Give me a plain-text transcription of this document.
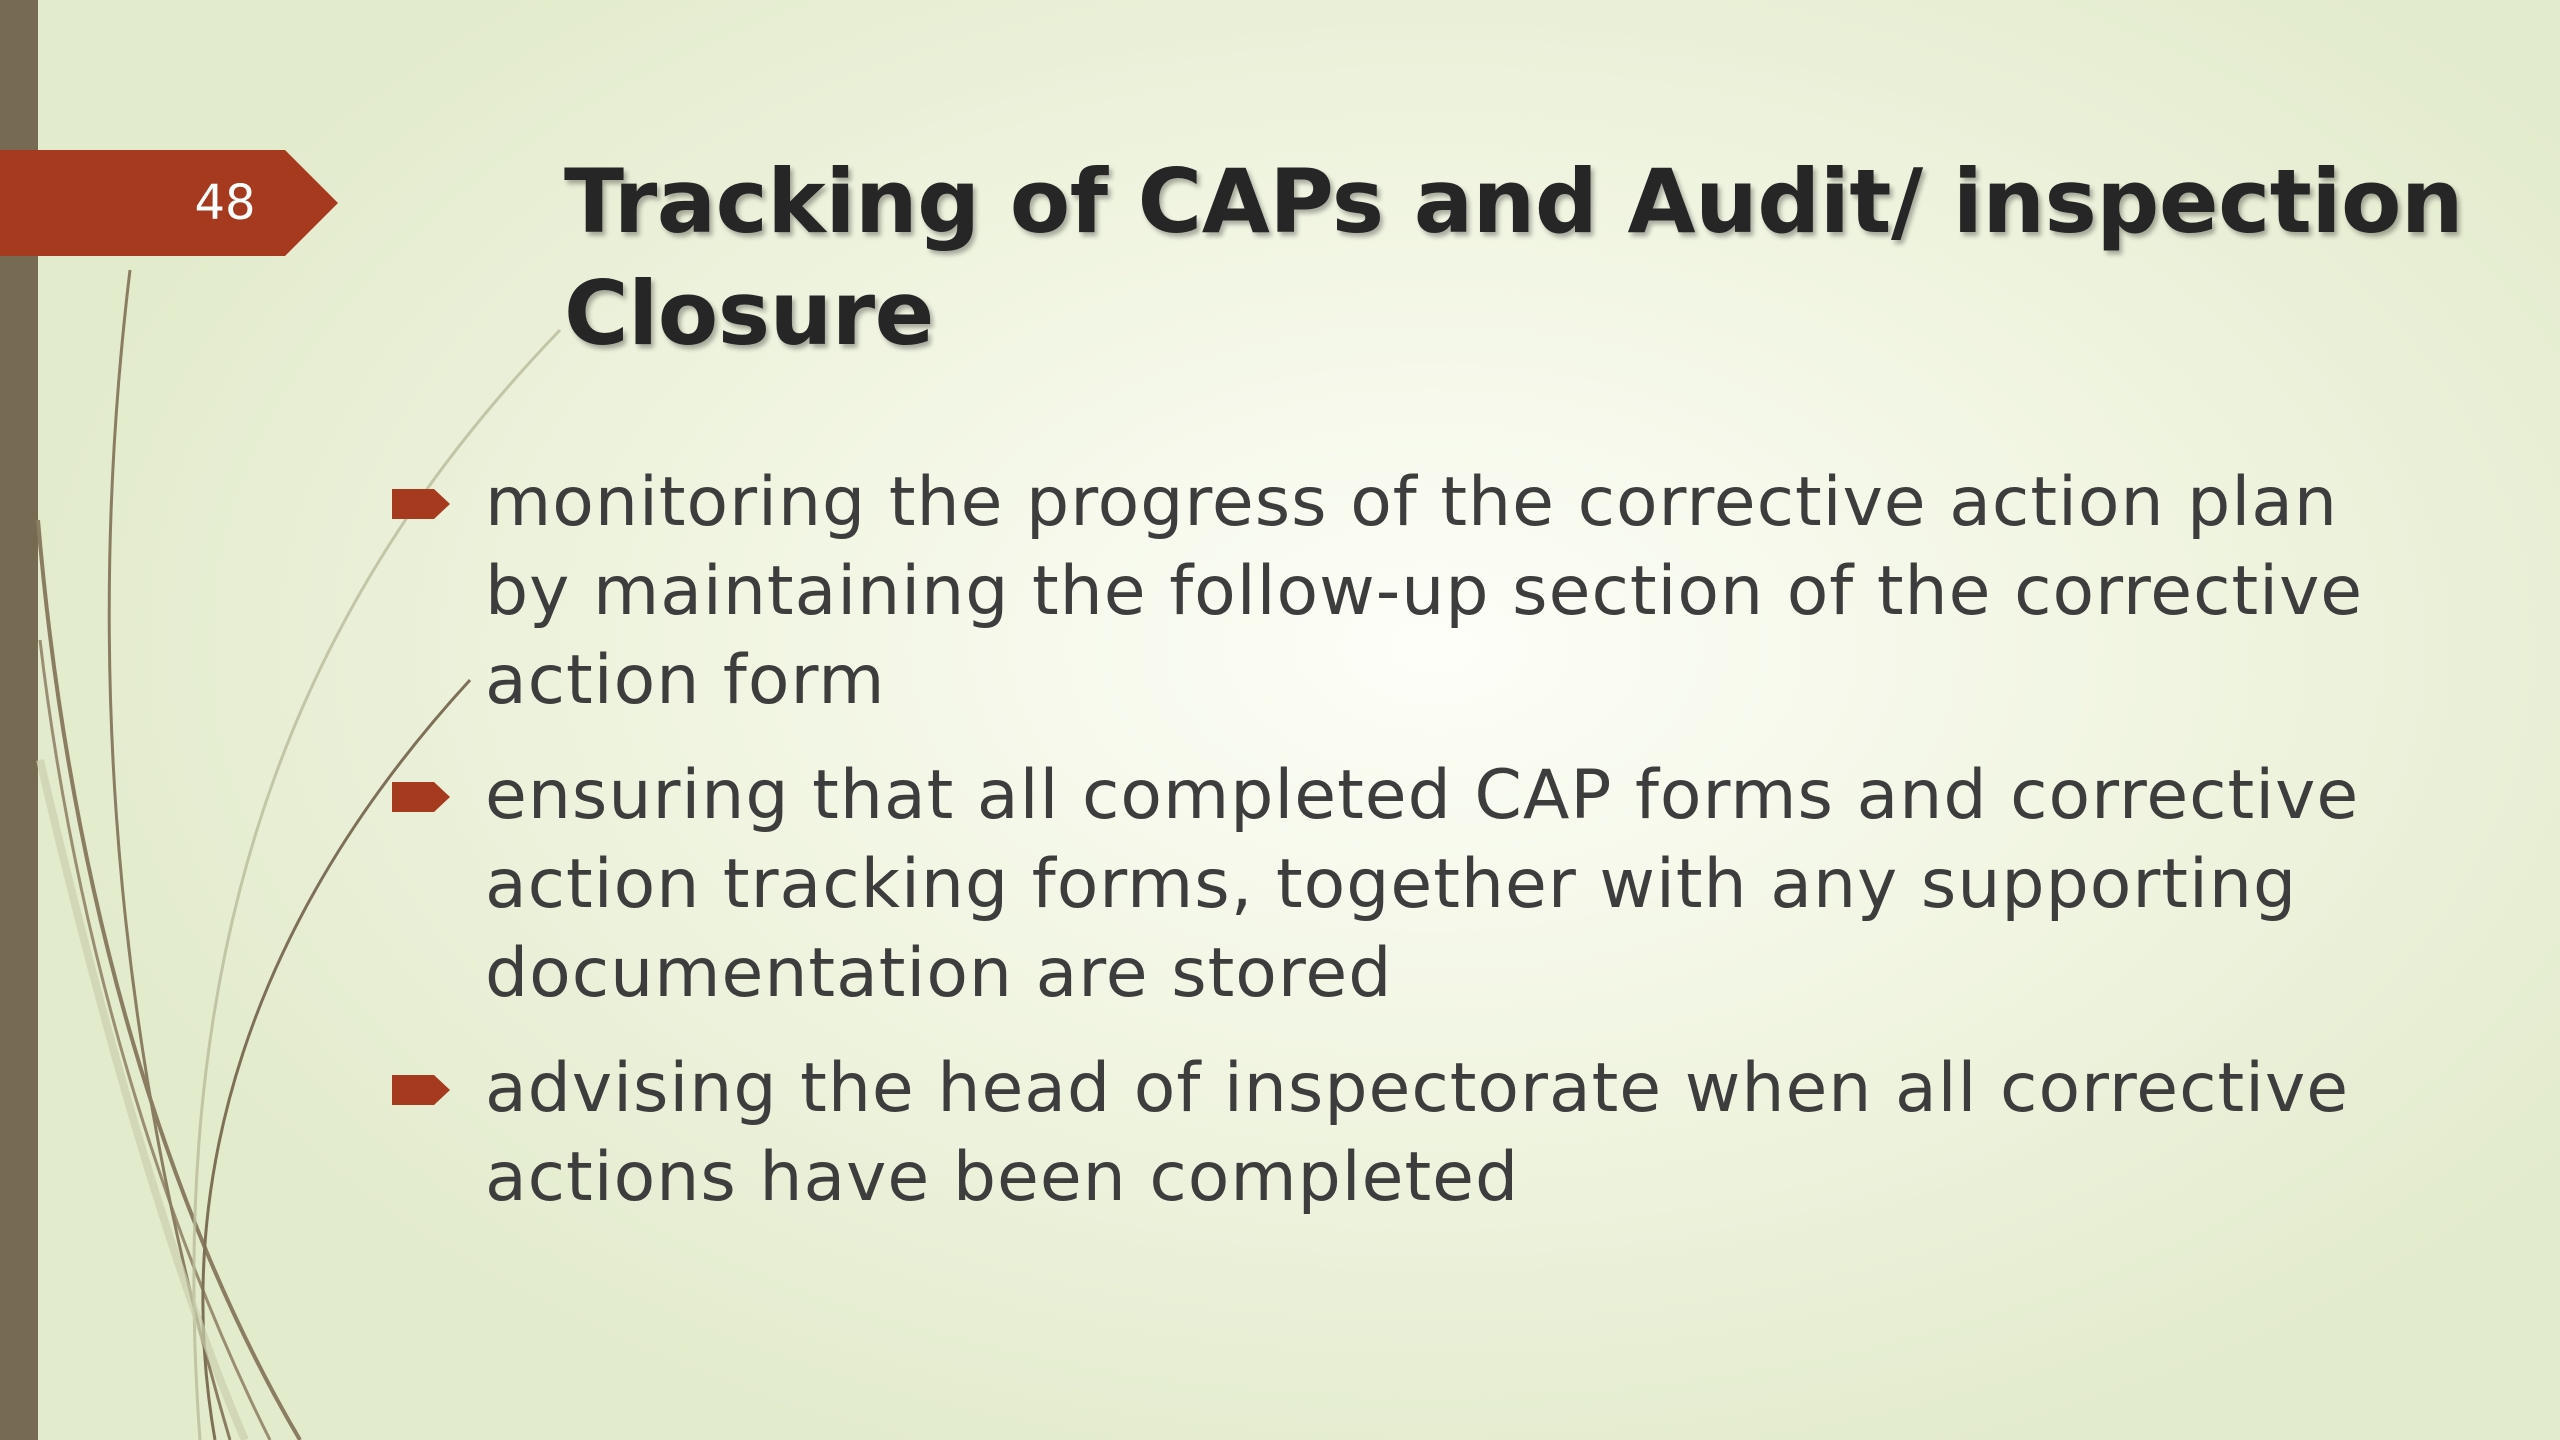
48	Tracking of CAPs and Audit/ inspection Closure
monitoring the progress of the corrective action plan by maintaining the follow-up section of the corrective action form
ensuring that all completed CAP forms and corrective action tracking forms, together with any supporting documentation are stored
advising the head of inspectorate when all corrective actions have been completed
